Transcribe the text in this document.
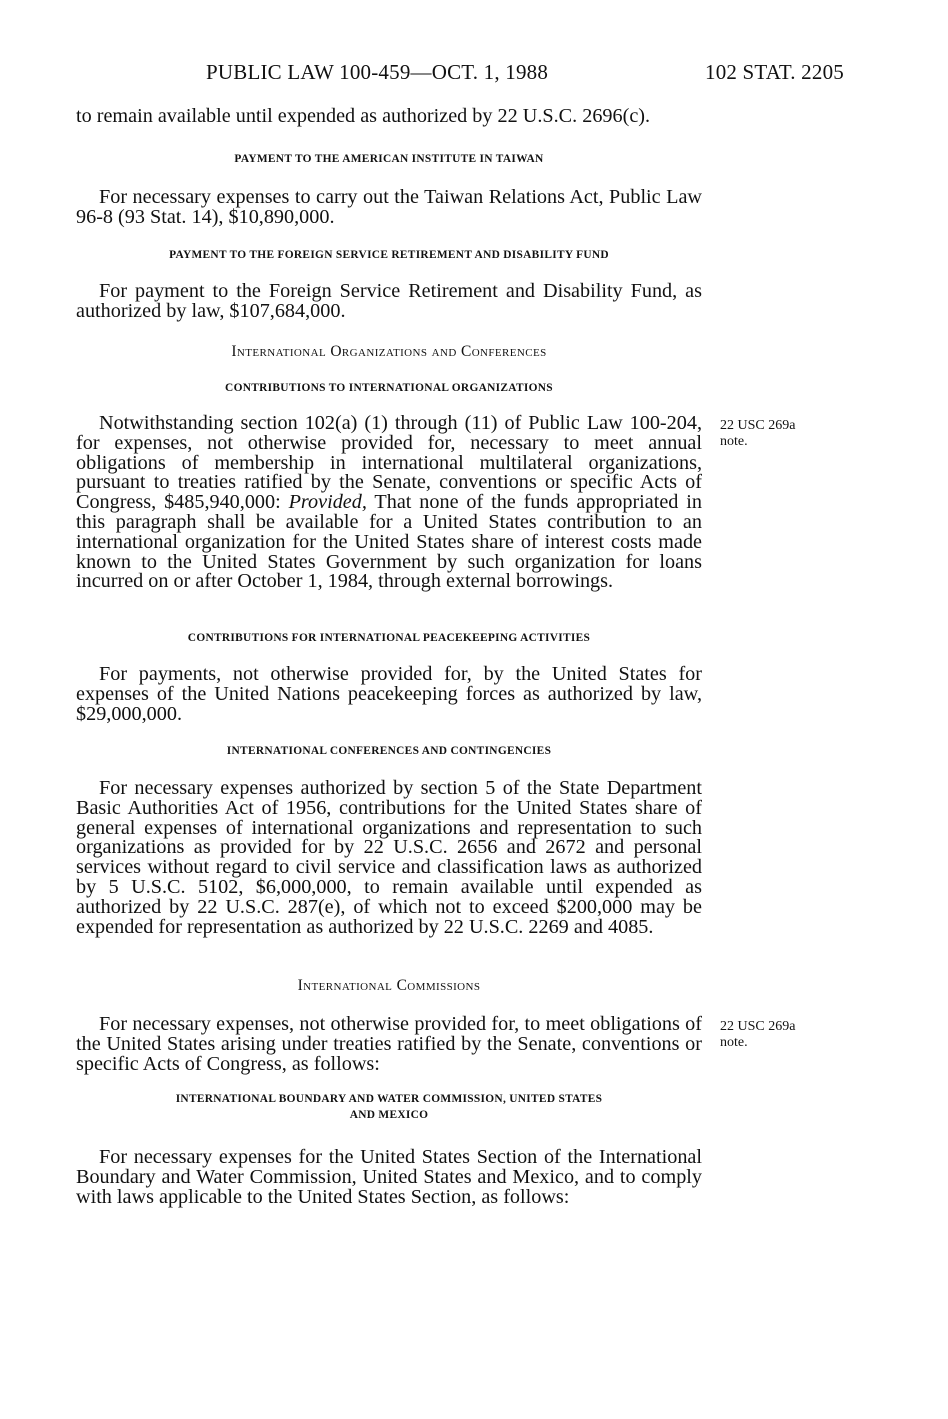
PUBLIC LAW 100-459—OCT. 1, 1988	102 STAT. 2205

to remain available until expended as authorized by 22 U.S.C. 2696(c).

PAYMENT TO THE AMERICAN INSTITUTE IN TAIWAN

For necessary expenses to carry out the Taiwan Relations Act, Public Law 96-8 (93 Stat. 14), $10,890,000.

PAYMENT TO THE FOREIGN SERVICE RETIREMENT AND DISABILITY FUND

For payment to the Foreign Service Retirement and Disability Fund, as authorized by law, $107,684,000.

International Organizations and Conferences
CONTRIBUTIONS TO INTERNATIONAL ORGANIZATIONS

Notwithstanding section 102(a) (1) through (11) of Public Law 100-204, for expenses, not otherwise provided for, necessary to meet annual obligations of membership in international multilateral organizations, pursuant to treaties ratified by the Senate, conventions or specific Acts of Congress, $485,940,000: Provided, That none of the funds appropriated in this paragraph shall be available for a United States contribution to an international organization for the United States share of interest costs made known to the United States Government by such organization for loans incurred on or after October 1, 1984, through external borrowings.

CONTRIBUTIONS FOR INTERNATIONAL PEACEKEEPING ACTIVITIES

For payments, not otherwise provided for, by the United States for expenses of the United Nations peacekeeping forces as authorized by law, $29,000,000.

INTERNATIONAL CONFERENCES AND CONTINGENCIES

For necessary expenses authorized by section 5 of the State Department Basic Authorities Act of 1956, contributions for the United States share of general expenses of international organizations and representation to such organizations as provided for by 22 U.S.C. 2656 and 2672 and personal services without regard to civil service and classification laws as authorized by 5 U.S.C. 5102, $6,000,000, to remain available until expended as authorized by 22 U.S.C. 287(e), of which not to exceed $200,000 may be expended for representation as authorized by 22 U.S.C. 2269 and 4085.

International Commissions

For necessary expenses, not otherwise provided for, to meet obligations of the United States arising under treaties ratified by the Senate, conventions or specific Acts of Congress, as follows:

INTERNATIONAL BOUNDARY AND WATER COMMISSION, UNITED STATES
AND MEXICO

For necessary expenses for the United States Section of the International Boundary and Water Commission, United States and Mexico, and to comply with laws applicable to the United States Section, as follows:

22 USC 269a
note.
22 USC 269a
note.
